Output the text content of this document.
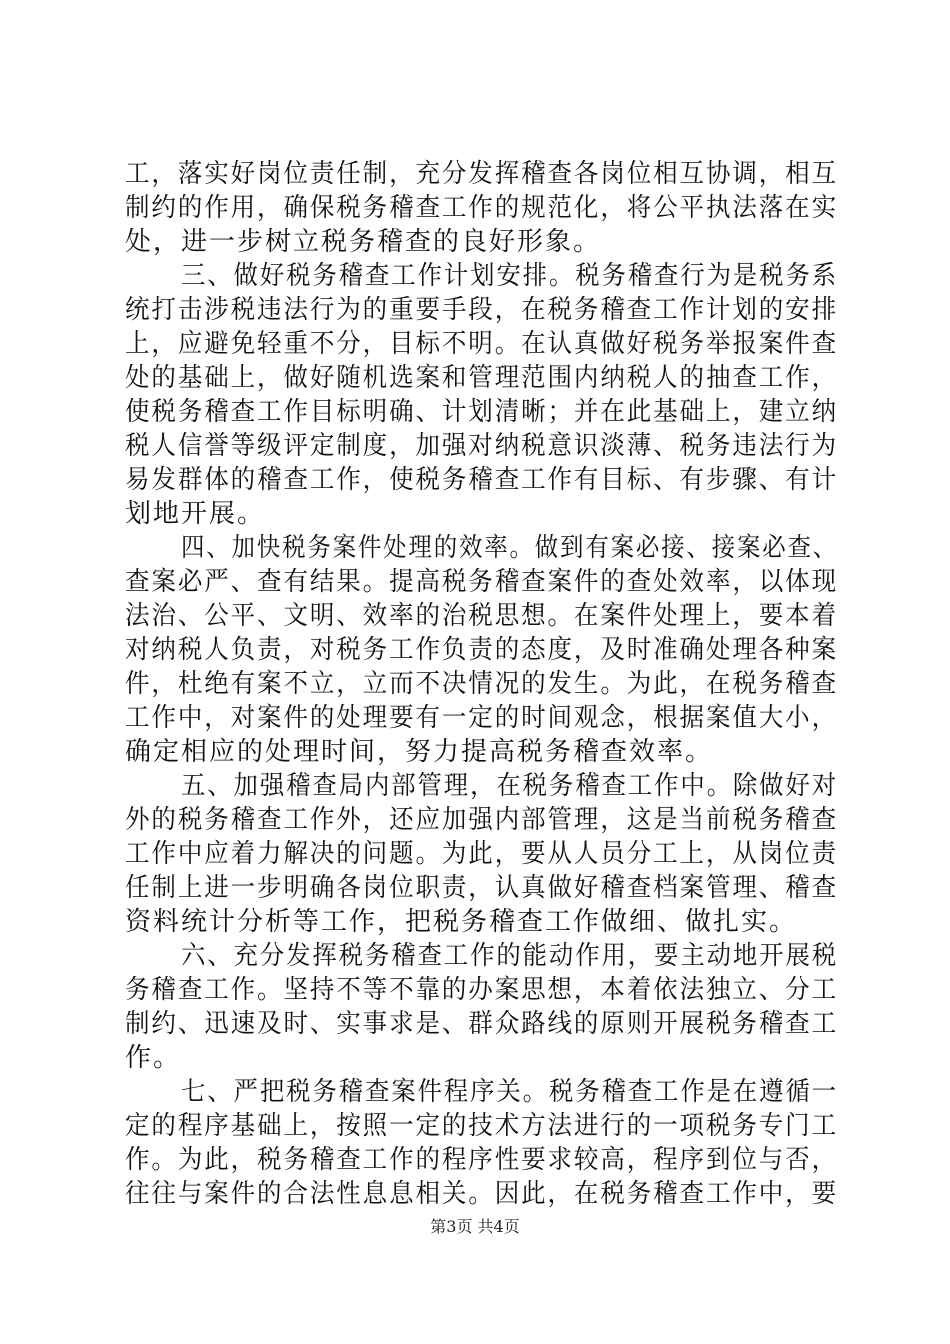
工，落实好岗位责任制，充分发挥稽查各岗位相互协调，相互
制约的作用，确保税务稽查工作的规范化，将公平执法落在实
处，进一步树立税务稽查的良好形象。
三、做好税务稽查工作计划安排。税务稽查行为是税务系
统打击涉税违法行为的重要手段，在税务稽查工作计划的安排
上，应避免轻重不分，目标不明。在认真做好税务举报案件查
处的基础上，做好随机选案和管理范围内纳税人的抽查工作，
使税务稽查工作目标明确、计划清晰；并在此基础上，建立纳
税人信誉等级评定制度，加强对纳税意识淡薄、税务违法行为
易发群体的稽查工作，使税务稽查工作有目标、有步骤、有计
划地开展。
四、加快税务案件处理的效率。做到有案必接、接案必查、
查案必严、查有结果。提高税务稽查案件的查处效率，以体现
法治、公平、文明、效率的治税思想。在案件处理上，要本着
对纳税人负责，对税务工作负责的态度，及时准确处理各种案
件，杜绝有案不立，立而不决情况的发生。为此，在税务稽查
工作中，对案件的处理要有一定的时间观念，根据案值大小，
确定相应的处理时间，努力提高税务稽查效率。
五、加强稽查局内部管理，在税务稽查工作中。除做好对
外的税务稽查工作外，还应加强内部管理，这是当前税务稽查
工作中应着力解决的问题。为此，要从人员分工上，从岗位责
任制上进一步明确各岗位职责，认真做好稽查档案管理、稽查
资料统计分析等工作，把税务稽查工作做细、做扎实。
六、充分发挥税务稽查工作的能动作用，要主动地开展税
务稽查工作。坚持不等不靠的办案思想，本着依法独立、分工
制约、迅速及时、实事求是、群众路线的原则开展税务稽查工
作。
七、严把税务稽查案件程序关。税务稽查工作是在遵循一
定的程序基础上，按照一定的技术方法进行的一项税务专门工
作。为此，税务稽查工作的程序性要求较高，程序到位与否，
往往与案件的合法性息息相关。因此，在税务稽查工作中，要
第3页 共4页
